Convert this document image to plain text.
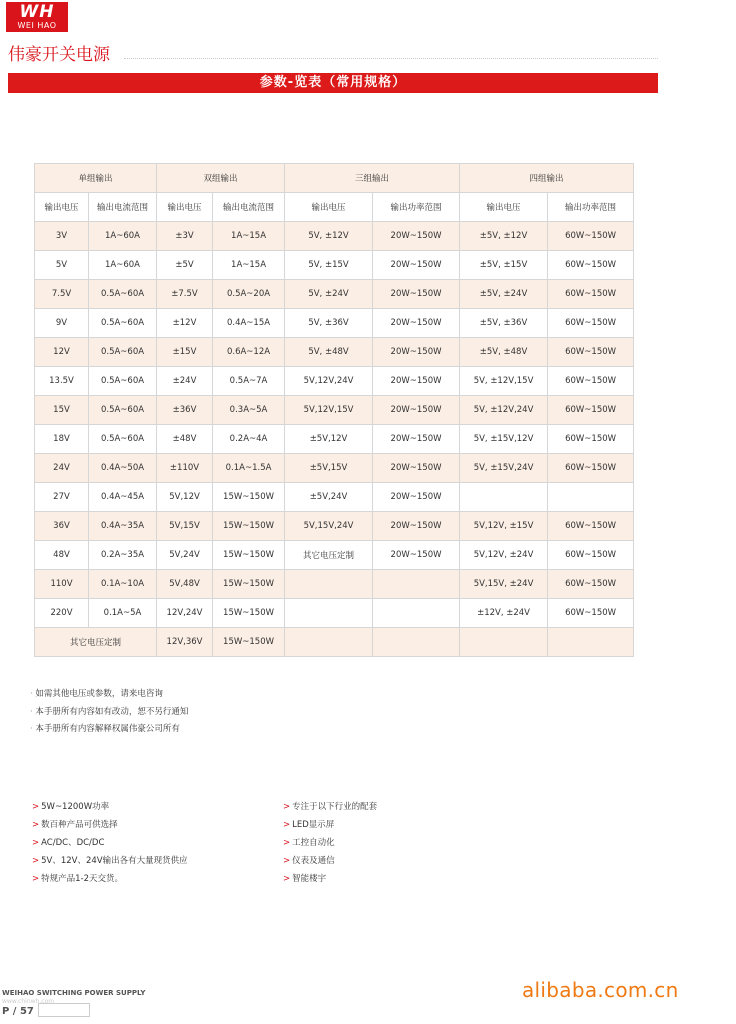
WH
WEI HAO
伟豪开关电源
参数-览表（常用规格）
单组输出		双组输出		三组输出		四组输出	
输出电压	输出电流范围	输出电压	输出电流范围	输出电压	输出功率范围	输出电压	输出功率范围
3V	1A~60A	±3V	1A~15A	5V, ±12V	20W~150W	±5V, ±12V	60W~150W
5V	1A~60A	±5V	1A~15A	5V, ±15V	20W~150W	±5V, ±15V	60W~150W
7.5V	0.5A~60A	±7.5V	0.5A~20A	5V, ±24V	20W~150W	±5V, ±24V	60W~150W
9V	0.5A~60A	±12V	0.4A~15A	5V, ±36V	20W~150W	±5V, ±36V	60W~150W
12V	0.5A~60A	±15V	0.6A~12A	5V, ±48V	20W~150W	±5V, ±48V	60W~150W
13.5V	0.5A~60A	±24V	0.5A~7A	5V,12V,24V	20W~150W	5V, ±12V,15V	60W~150W
15V	0.5A~60A	±36V	0.3A~5A	5V,12V,15V	20W~150W	5V, ±12V,24V	60W~150W
18V	0.5A~60A	±48V	0.2A~4A	±5V,12V	20W~150W	5V, ±15V,12V	60W~150W
24V	0.4A~50A	±110V	0.1A~1.5A	±5V,15V	20W~150W	5V, ±15V,24V	60W~150W
27V	0.4A~45A	5V,12V	15W~150W	±5V,24V	20W~150W		
36V	0.4A~35A	5V,15V	15W~150W	5V,15V,24V	20W~150W	5V,12V, ±15V	60W~150W
48V	0.2A~35A	5V,24V	15W~150W	其它电压定制	20W~150W	5V,12V, ±24V	60W~150W
110V	0.1A~10A	5V,48V	15W~150W			5V,15V, ±24V	60W~150W
220V	0.1A~5A	12V,24V	15W~150W			±12V, ±24V	60W~150W
其它电压定制		12V,36V	15W~150W				
· 如需其他电压或参数，请来电咨询
· 本手册所有内容如有改动，恕不另行通知
· 本手册所有内容解释权属伟豪公司所有
> 5W~1200W功率
> 数百种产品可供选择
> AC/DC、DC/DC
> 5V、12V、24V输出各有大量现货供应
> 特规产品1-2天交货。
> 专注于以下行业的配套
> LED显示屏
> 工控自动化
> 仪表及通信
> 智能楼宇
WEIHAO SWITCHING POWER SUPPLY
www.chinwh.com
P / 57
alibaba.com.cn
